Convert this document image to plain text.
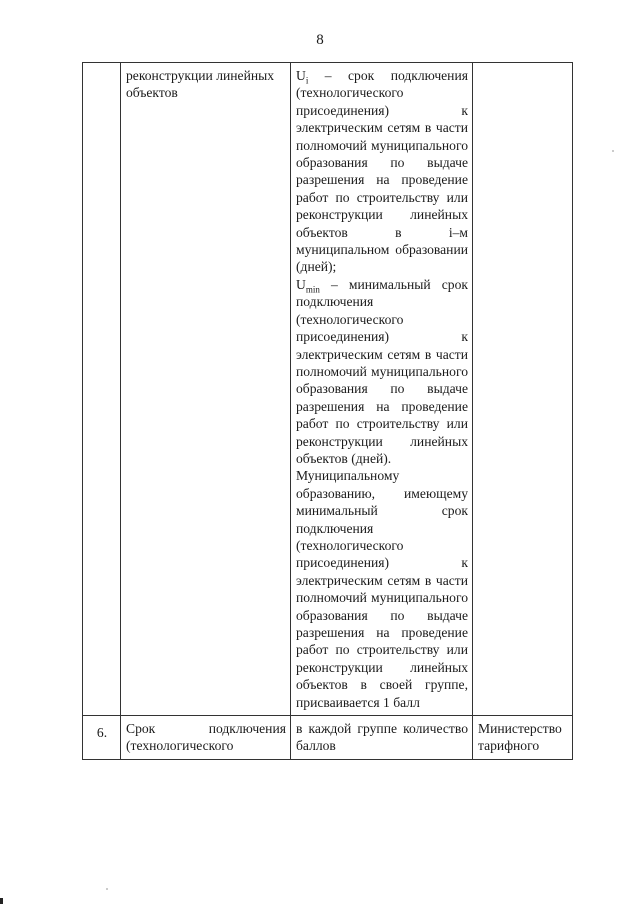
8
	реконструкции линейных объектов	$U_i$ – срок подключения (технологического присоединения) к электрическим сетям в части полномочий муниципального образования по выдаче разрешения на проведение работ по строительству или реконструкции линейных объектов в i–м муниципальном образовании (дней);
$U_{min}$ – минимальный срок подключения (технологического присоединения) к электрическим сетям в части полномочий муниципального образования по выдаче разрешения на проведение работ по строительству или реконструкции линейных объектов (дней).
Муниципальному образованию, имеющему минимальный срок подключения (технологического присоединения) к электрическим сетям в части полномочий муниципального образования по выдаче разрешения на проведение работ по строительству или реконструкции линейных объектов в своей группе, присваивается 1 балл	

6.	Срок подключения (технологического	в каждой группе количество баллов	Министерство тарифного
